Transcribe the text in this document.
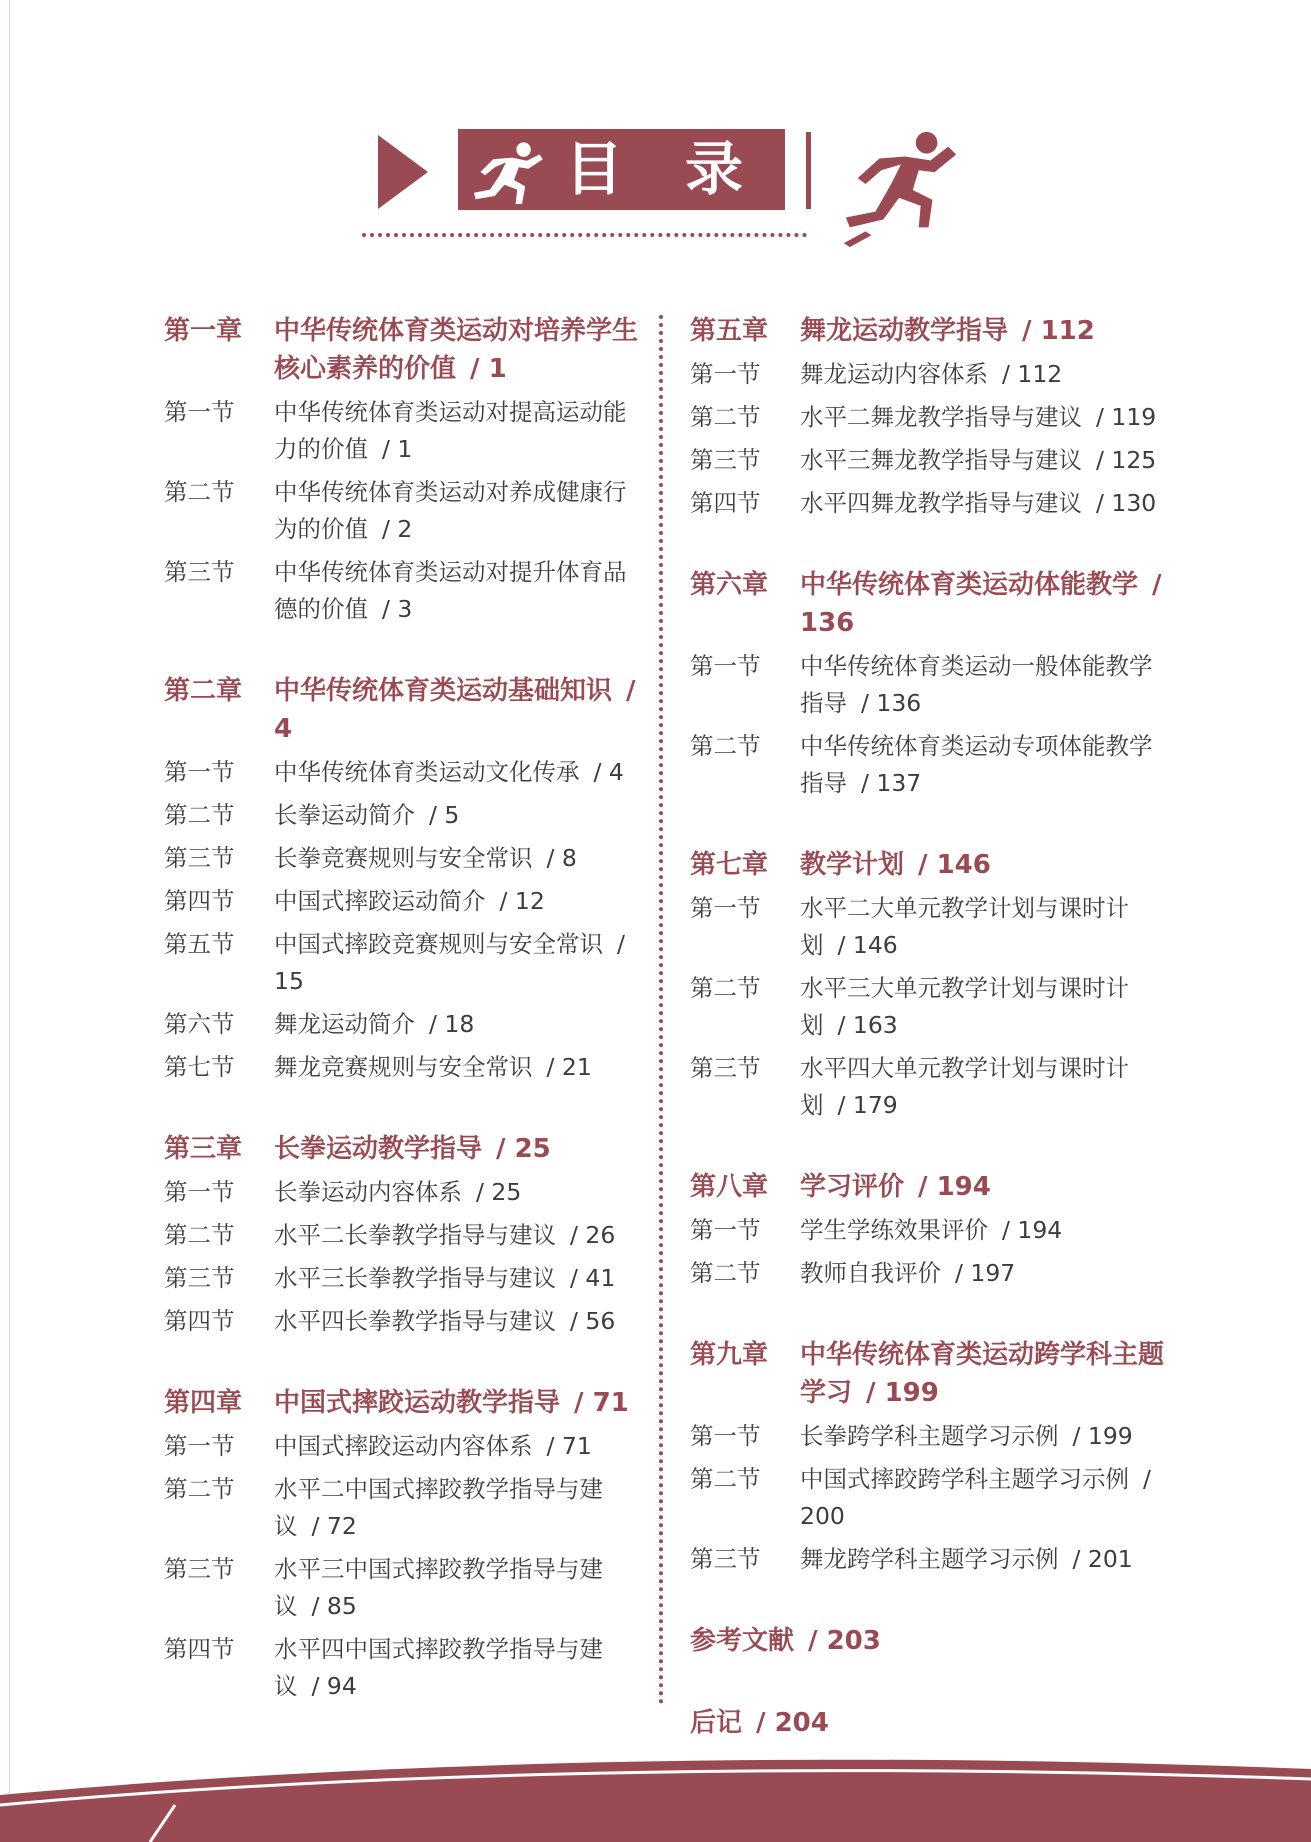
目录
第一章	中华传统体育类运动对培养学生核心素养的价值 / 1
第一节	中华传统体育类运动对提高运动能力的价值 / 1
第二节	中华传统体育类运动对养成健康行为的价值 / 2
第三节	中华传统体育类运动对提升体育品德的价值 / 3
第二章	中华传统体育类运动基础知识 / 4
第一节	中华传统体育类运动文化传承 / 4
第二节	长拳运动简介 / 5
第三节	长拳竞赛规则与安全常识 / 8
第四节	中国式摔跤运动简介 / 12
第五节	中国式摔跤竞赛规则与安全常识 / 15
第六节	舞龙运动简介 / 18
第七节	舞龙竞赛规则与安全常识 / 21
第三章	长拳运动教学指导 / 25
第一节	长拳运动内容体系 / 25
第二节	水平二长拳教学指导与建议 / 26
第三节	水平三长拳教学指导与建议 / 41
第四节	水平四长拳教学指导与建议 / 56
第四章	中国式摔跤运动教学指导 / 71
第一节	中国式摔跤运动内容体系 / 71
第二节	水平二中国式摔跤教学指导与建议 / 72
第三节	水平三中国式摔跤教学指导与建议 / 85
第四节	水平四中国式摔跤教学指导与建议 / 94
第五章	舞龙运动教学指导 / 112
第一节	舞龙运动内容体系 / 112
第二节	水平二舞龙教学指导与建议 / 119
第三节	水平三舞龙教学指导与建议 / 125
第四节	水平四舞龙教学指导与建议 / 130
第六章	中华传统体育类运动体能教学 / 136
第一节	中华传统体育类运动一般体能教学指导 / 136
第二节	中华传统体育类运动专项体能教学指导 / 137
第七章	教学计划 / 146
第一节	水平二大单元教学计划与课时计划 / 146
第二节	水平三大单元教学计划与课时计划 / 163
第三节	水平四大单元教学计划与课时计划 / 179
第八章	学习评价 / 194
第一节	学生学练效果评价 / 194
第二节	教师自我评价 / 197
第九章	中华传统体育类运动跨学科主题学习 / 199
第一节	长拳跨学科主题学习示例 / 199
第二节	中国式摔跤跨学科主题学习示例 / 200
第三节	舞龙跨学科主题学习示例 / 201
参考文献 / 203
后记 / 204
